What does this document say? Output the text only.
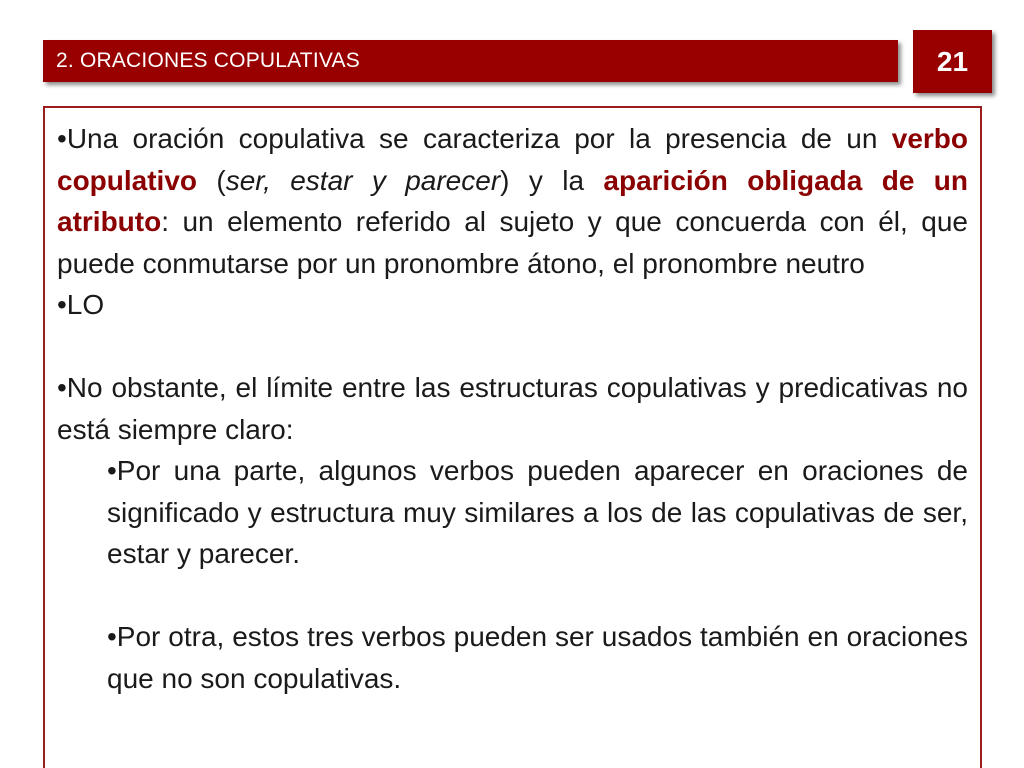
2. ORACIONES COPULATIVAS	21

•Una oración copulativa se caracteriza por la presencia de un verbo copulativo (ser, estar y parecer) y la aparición obligada de un atributo: un elemento referido al sujeto y que concuerda con él, que puede conmutarse por un pronombre átono, el pronombre neutro

•LO

•No obstante, el límite entre las estructuras copulativas y predicativas no está siempre claro:

•Por una parte, algunos verbos pueden aparecer en oraciones de significado y estructura muy similares a los de las copulativas de ser, estar y parecer.

•Por otra, estos tres verbos pueden ser usados también en oraciones que no son copulativas.
